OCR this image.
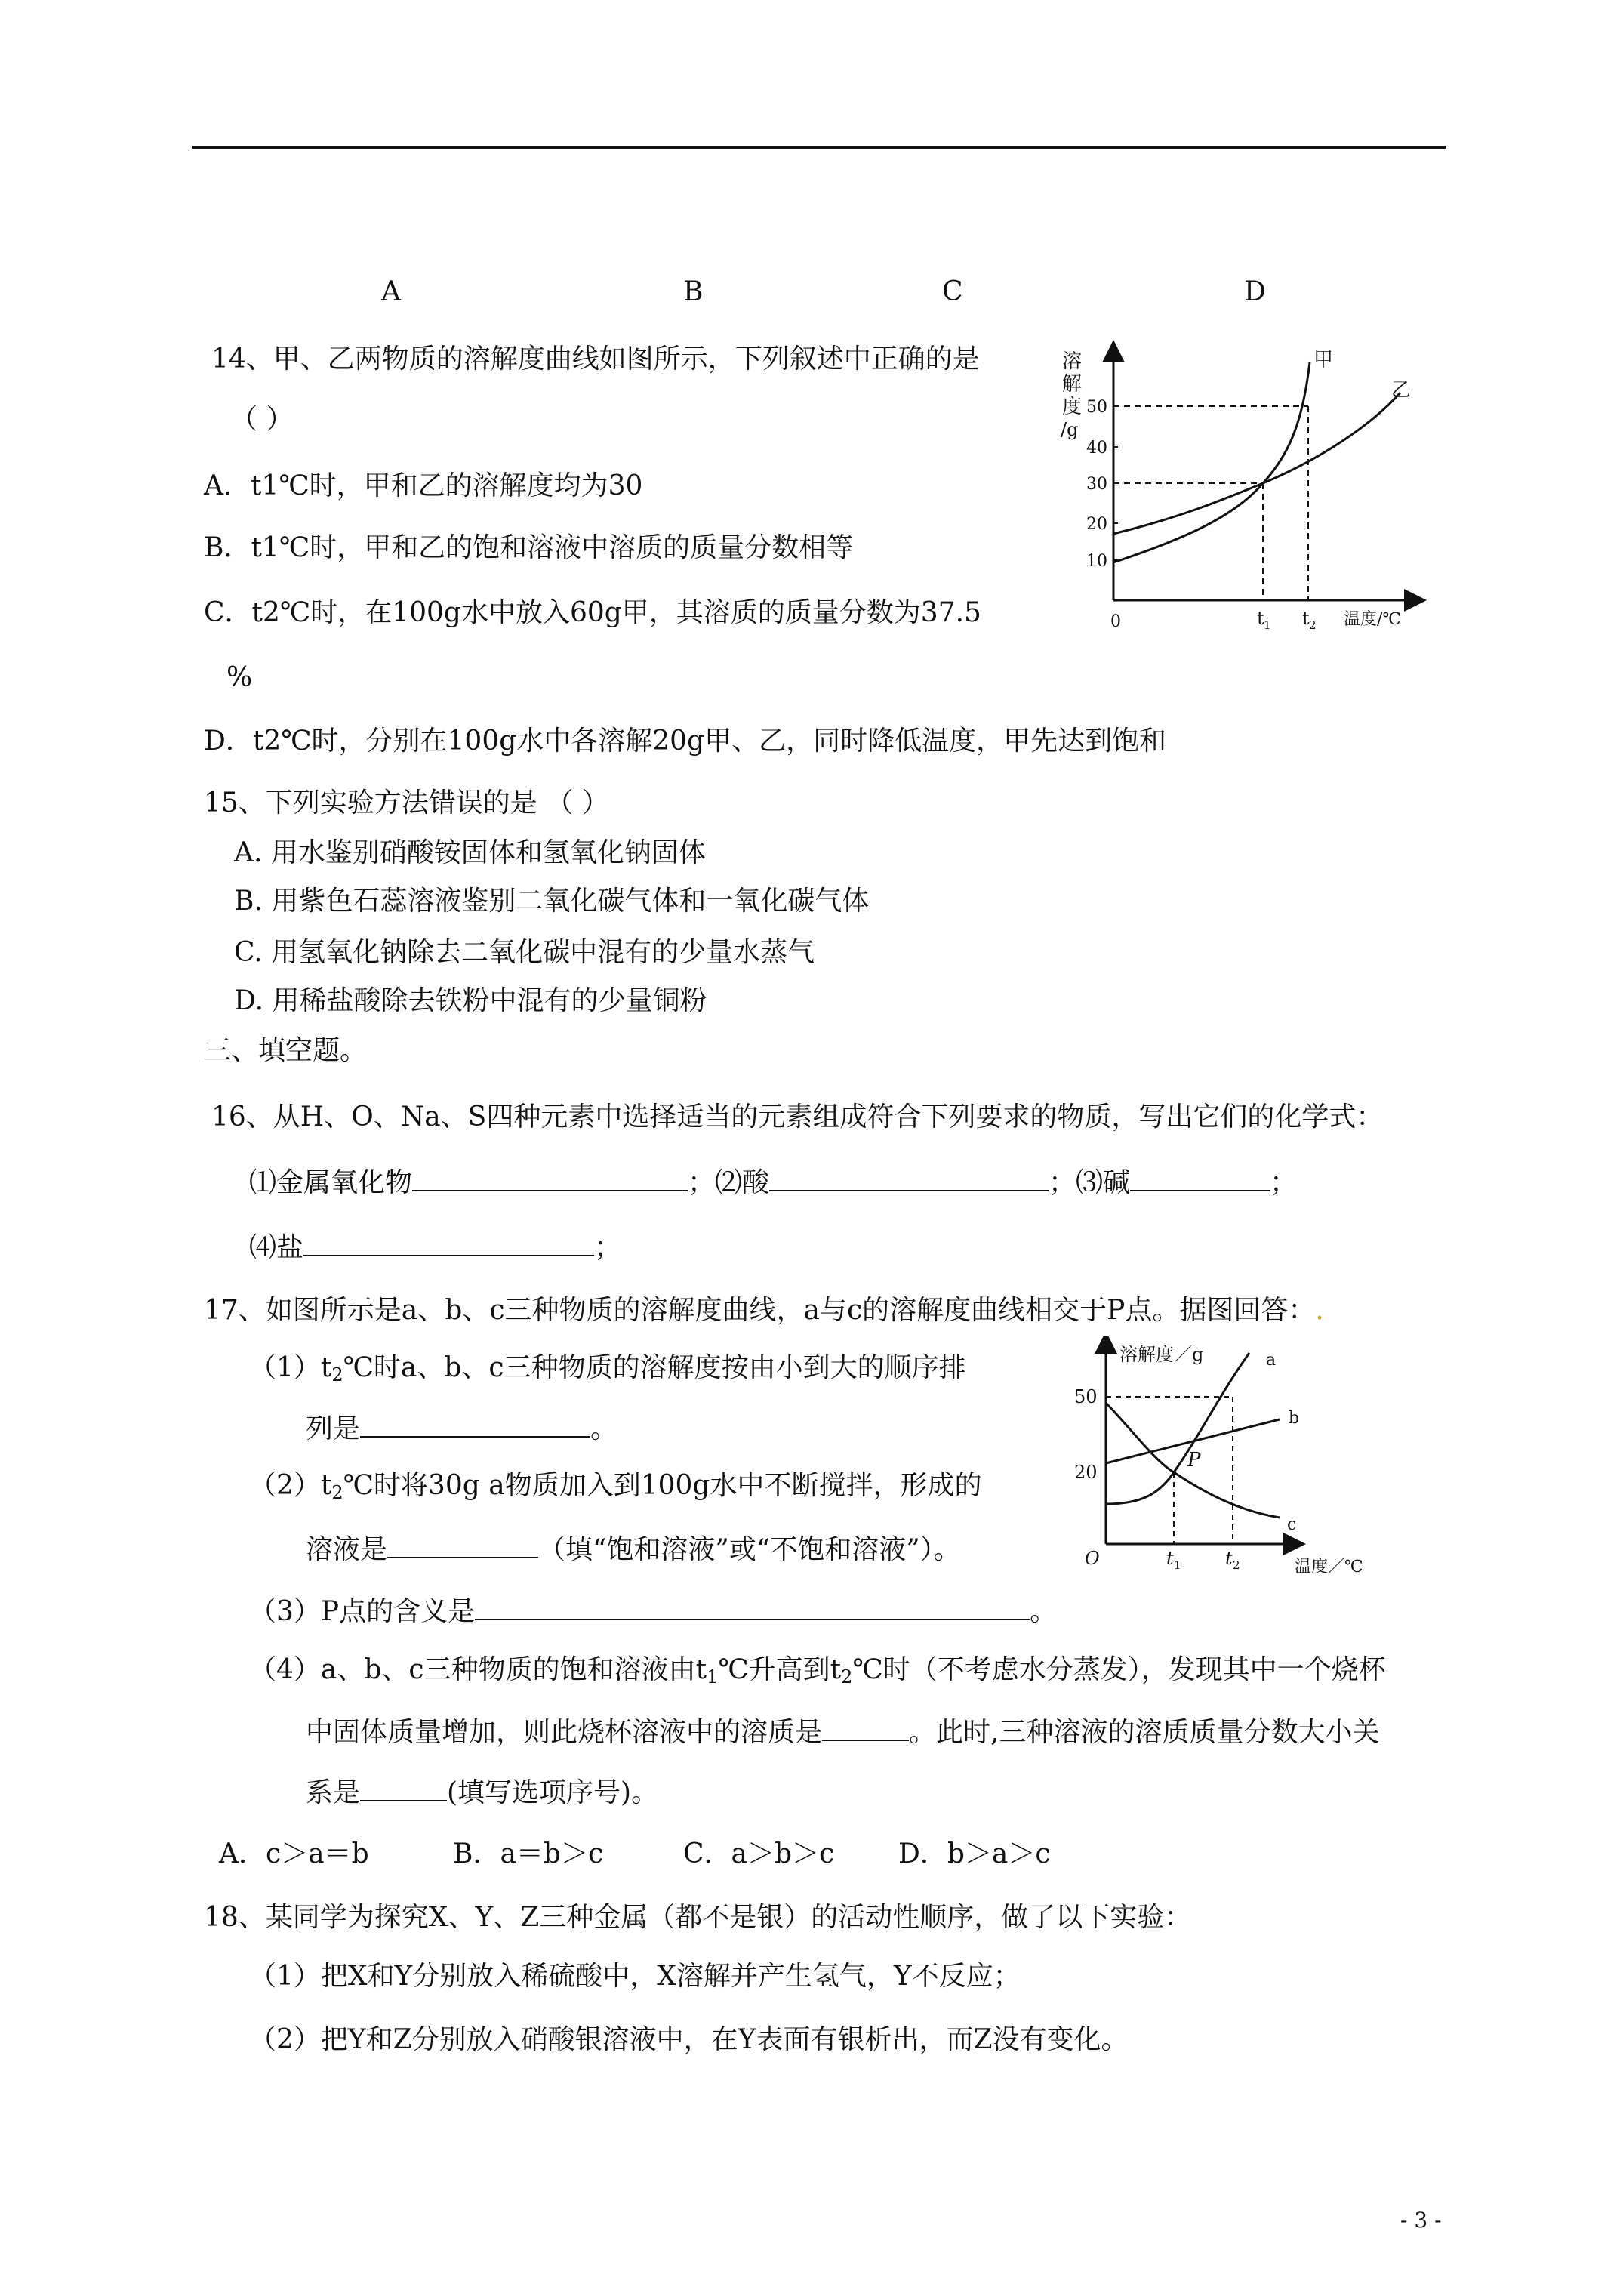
A	B	C	D
14、甲、乙两物质的溶解度曲线如图所示，下列叙述中正确的是
（ ）
A．t1℃时，甲和乙的溶解度均为30
B．t1℃时，甲和乙的饱和溶液中溶质的质量分数相等
C．t2℃时，在100g水中放入60g甲，其溶质的质量分数为37.5
%
D．t2℃时，分别在100g水中各溶解20g甲、乙，同时降低温度，甲先达到饱和
溶
解
度
/g
50
40
30
20
10
甲
乙
0	t 1 t 2 温度/℃
15、下列实验方法错误的是 （ ）
A. 用水鉴别硝酸铵固体和氢氧化钠固体
B. 用紫色石蕊溶液鉴别二氧化碳气体和一氧化碳气体
C. 用氢氧化钠除去二氧化碳中混有的少量水蒸气
D. 用稀盐酸除去铁粉中混有的少量铜粉
三、填空题。
16、从H、O、Na、S四种元素中选择适当的元素组成符合下列要求的物质，写出它们的化学式：
⑴金属氧化物	；⑵酸	；⑶碱	；
⑷盐	；
17、如图所示是a、b、c三种物质的溶解度曲线，a与c的溶解度曲线相交于P点。据图回答：.
$(1)t_2℃$时a、b、c三种物质的溶解度按由小到大的顺序排
列是	。
$(2)t_2℃$时将30g a物质加入到100g水中不断搅拌，形成的
溶液是	（填“饱和溶液”或“不饱和溶液”）。
（3）P点的含义是	。
（4）a、b、c三种物质的饱和溶液由$t_1℃$升高到$t_2℃$时（不考虑水分蒸发），发现其中一个烧杯
中固体质量增加，则此烧杯溶液中的溶质是	。此时,三种溶液的溶质质量分数大小关
系是	(填写选项序号)。
A．c＞a＝b	B．a＝b＞c	C．a＞b＞c D．b＞a＞c
溶解度／g
50
20
P
a
b
c
O	t 1 t 2	温度／℃
18、某同学为探究X、Y、Z三种金属（都不是银）的活动性顺序，做了以下实验：
（1）把X和Y分别放入稀硫酸中，X溶解并产生氢气，Y不反应；
（2）把Y和Z分别放入硝酸银溶液中，在Y表面有银析出，而Z没有变化。
- 3 -
